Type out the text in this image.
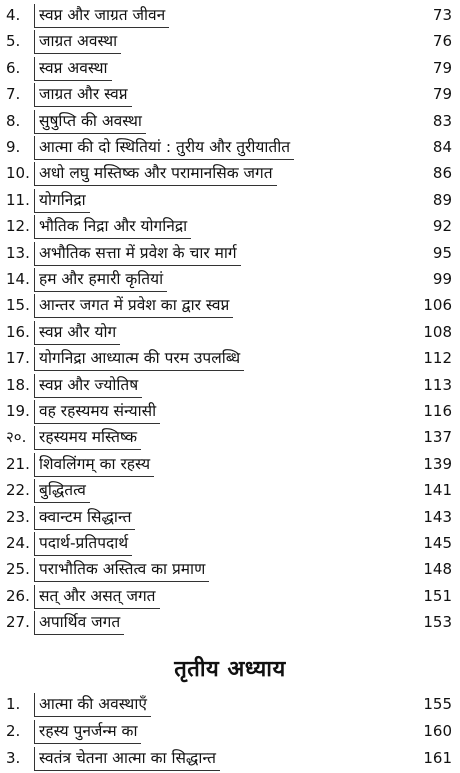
4.	स्वप्न और जाग्रत जीवन	73
5.	जाग्रत अवस्था	76
6.	स्वप्न अवस्था	79
7.	जाग्रत और स्वप्न	79
8.	सुषुप्ति की अवस्था	83
9.	आत्मा की दो स्थितियां : तुरीय और तुरीयातीत	84
10. अधो लघु मस्तिष्क और परामानसिक जगत	86
11. योगनिद्रा	89
12. भौतिक निद्रा और योगनिद्रा	92
13. अभौतिक सत्ता में प्रवेश के चार मार्ग	95
14. हम और हमारी कृतियां	99
15. आन्तर जगत में प्रवेश का द्वार स्वप्न	106
16. स्वप्न और योग	108
17. योगनिद्रा आध्यात्म की परम उपलब्धि	112
18. स्वप्न और ज्योतिष	113
19. वह रहस्यमय संन्यासी	116
२०. रहस्यमय मस्तिष्क	137
21. शिवलिंगम् का रहस्य	139
22. बुद्धितत्व	141
23. क्वान्टम सिद्धान्त	143
24. पदार्थ-प्रतिपदार्थ	145
25. पराभौतिक अस्तित्व का प्रमाण	148
26. सत् और असत् जगत	151
27. अपार्थिव जगत	153
तृतीय अध्याय
1.	आत्मा की अवस्थाएँ	155
2.	रहस्य पुनर्जन्म का	160
3.	स्वतंत्र चेतना आत्मा का सिद्धान्त	161
